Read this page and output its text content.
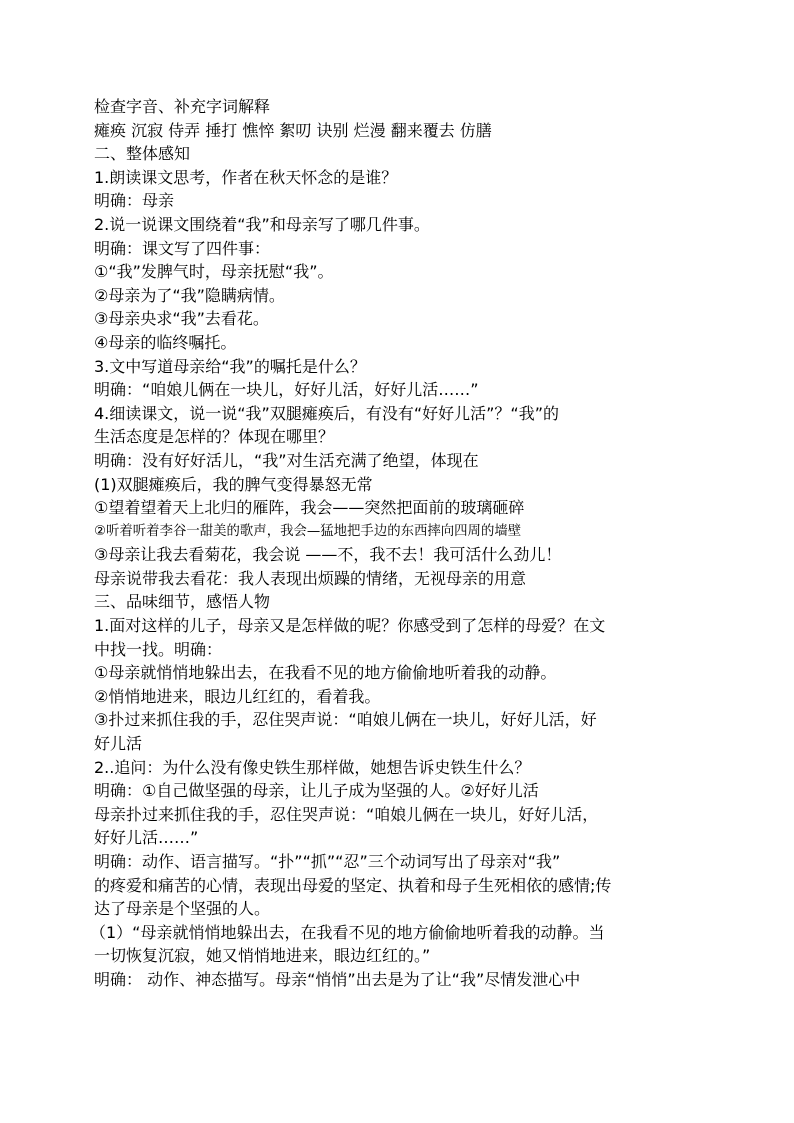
检查字音、补充字词解释
瘫痪 沉寂 侍弄 捶打 憔悴 絮叨 诀别 烂漫 翻来覆去 仿膳
二、整体感知
1.朗读课文思考，作者在秋天怀念的是谁？
明确：母亲
2.说一说课文围绕着“我”和母亲写了哪几件事。
明确：课文写了四件事：
①“我”发脾气时，母亲抚慰“我”。
②母亲为了“我”隐瞒病情。
③母亲央求“我”去看花。
④母亲的临终嘱托。
3.文中写道母亲给“我”的嘱托是什么？
明确：“咱娘儿俩在一块儿，好好儿活，好好儿活……”
4.细读课文，说一说“我”双腿瘫痪后，有没有“好好儿活”？“我”的
生活态度是怎样的？体现在哪里？
明确：没有好好活儿，“我”对生活充满了绝望，体现在
(1)双腿瘫痪后，我的脾气变得暴怒无常
①望着望着天上北归的雁阵，我会——突然把面前的玻璃砸碎
②听着听着李谷一甜美的歌声，我会—猛地把手边的东西摔向四周的墙壁
③母亲让我去看菊花，我会说 ——不，我不去！我可活什么劲儿！
母亲说带我去看花：我人表现出烦躁的情绪，无视母亲的用意
三、品味细节，感悟人物
1.面对这样的儿子，母亲又是怎样做的呢？你感受到了怎样的母爱？在文
中找一找。明确：
①母亲就悄悄地躲出去，在我看不见的地方偷偷地听着我的动静。
②悄悄地进来，眼边儿红红的，看着我。
③扑过来抓住我的手，忍住哭声说：“咱娘儿俩在一块儿，好好儿活，好
好儿活
2..追问：为什么没有像史铁生那样做，她想告诉史铁生什么？
明确：①自己做坚强的母亲，让儿子成为坚强的人。②好好儿活
母亲扑过来抓住我的手，忍住哭声说：“咱娘儿俩在一块儿，好好儿活，
好好儿活……”
明确：动作、语言描写。“扑”“抓”“忍”三个动词写出了母亲对“我”
的疼爱和痛苦的心情，表现出母爱的坚定、执着和母子生死相依的感情;传
达了母亲是个坚强的人。
（1）“母亲就悄悄地躲出去，在我看不见的地方偷偷地听着我的动静。当
一切恢复沉寂，她又悄悄地进来，眼边红红的。”
明确： 动作、神态描写。母亲“悄悄”出去是为了让“我”尽情发泄心中
